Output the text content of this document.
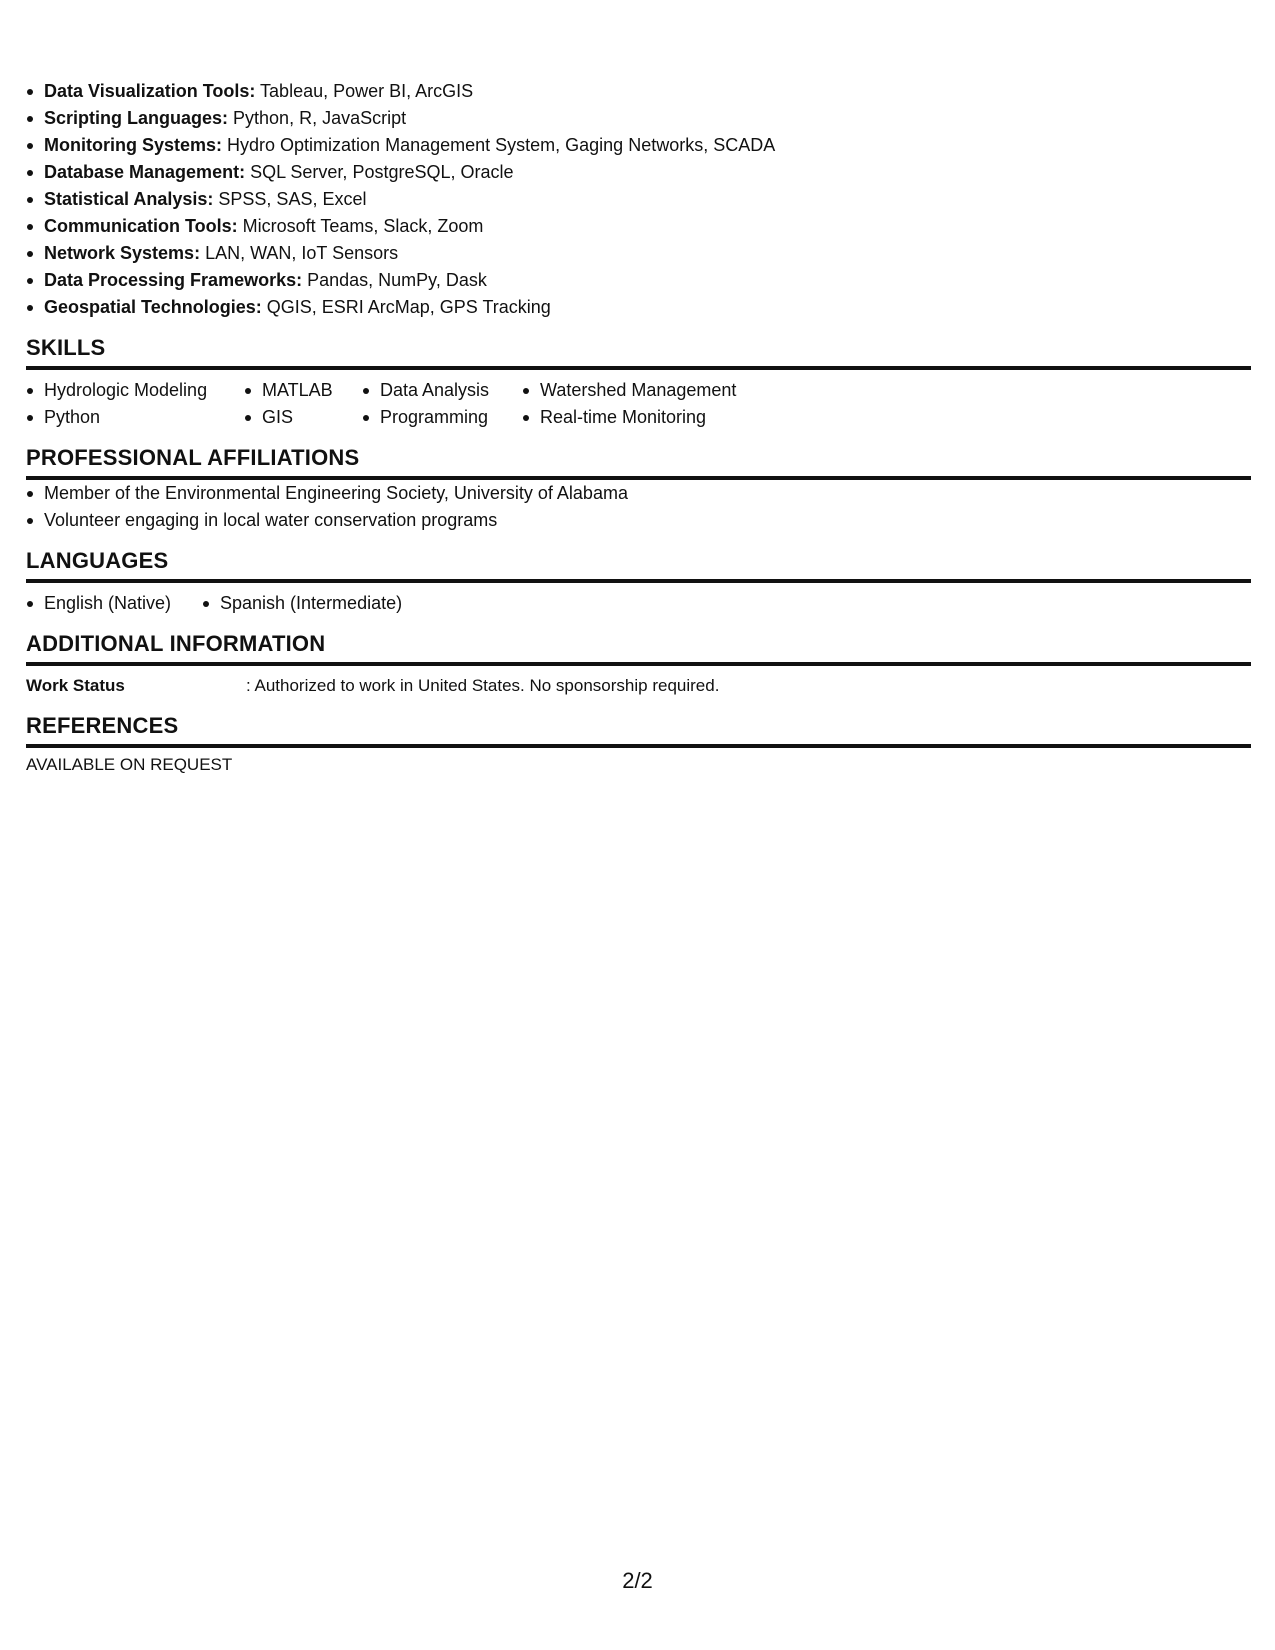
Data Visualization Tools: Tableau, Power BI, ArcGIS
Scripting Languages: Python, R, JavaScript
Monitoring Systems: Hydro Optimization Management System, Gaging Networks, SCADA
Database Management: SQL Server, PostgreSQL, Oracle
Statistical Analysis: SPSS, SAS, Excel
Communication Tools: Microsoft Teams, Slack, Zoom
Network Systems: LAN, WAN, IoT Sensors
Data Processing Frameworks: Pandas, NumPy, Dask
Geospatial Technologies: QGIS, ESRI ArcMap, GPS Tracking
SKILLS
Hydrologic Modeling
Python
MATLAB
GIS
Data Analysis
Programming
Watershed Management
Real-time Monitoring
PROFESSIONAL AFFILIATIONS
Member of the Environmental Engineering Society, University of Alabama
Volunteer engaging in local water conservation programs
LANGUAGES
English (Native)	Spanish (Intermediate)
ADDITIONAL INFORMATION
Work Status	: Authorized to work in United States. No sponsorship required.
REFERENCES
AVAILABLE ON REQUEST
2/2
